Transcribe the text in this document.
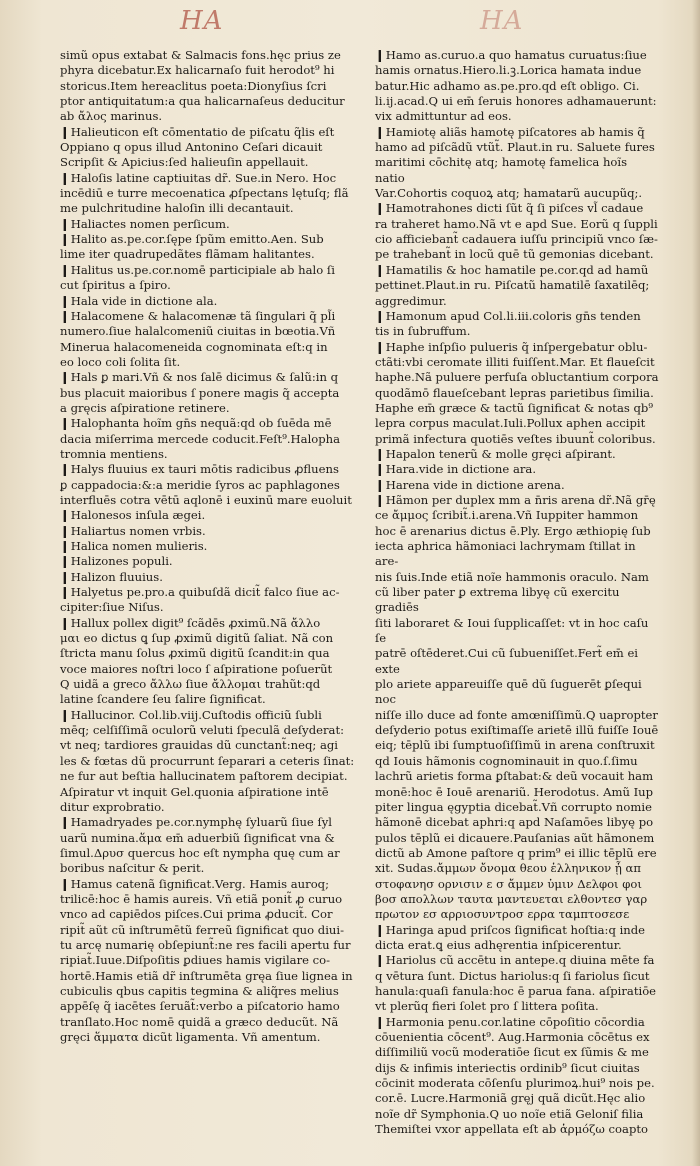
HA	HA

simũ opus extabat & Salmacis fons.hęc prius ze
phyra dicebatur.Ex halicarnaſo fuit herodot⁹ hi
storicus.Item hereaclitus poeta:Dionyſius ſcri
ptor antiquitatum:a qua halicarnaſeus deducitur
ab ἄλος marinus.

❙ Halieuticon eſt cōmentatio de piſcatu q̃lis eſt
Oppiano q opus illud Antonino Ceſari dicauit
Scripſit & Apicius:ſed halieuſin appellauit.

❙ Haloſis latine captiuitas dr̃. Sue.in Nero. Hoc
incēdiū e turre mecoenatica ꝓſpectans lętuſq; flã
me pulchritudine haloſin illi decantauit.

❙ Haliactes nomen perſicum.

❙ Halito as.pe.cor.ſępe ſpũm emitto.Aen. Sub
lime iter quadrupedãtes flãmam halitantes.

❙ Halitus us.pe.cor.nomē participiale ab halo ſi
cut ſpiritus a ſpiro.

❙ Hala vide in dictione ala.

❙ Halacomene & halacomenæ tã ſingulari q̃ pl̃i
numero.ſiue halalcomeniũ ciuitas in bœotia.Vñ
Minerua halacomeneida cognominata eſt:q in
eo loco coli ſolita ſit.

❙ Hals ꝑ mari.Vñ & nos ſalē dicimus & ſalũ:in q
bus placuit maioribus ſ ponere magis q̃ accepta
a gręcis aſpiratione retinere.

❙ Halophanta hoĩm gn̄s nequã:qd ob ſuēda mē
dacia miſerrima mercede coducit.Feſt⁹.Halopha
tromnia mentiens.

❙ Halys fluuius ex tauri mōtis radicibus ꝓfluens
ꝑ cappadocia:&:a meridie ſyros ac paphlagones
interfluēs cotra vētū aqlonē i euxinū mare euoluit

❙ Halonesos inſula ægei.

❙ Haliartus nomen vrbis.

❙ Halica nomen mulieris.

❙ Halizones populi.

❙ Halizon fluuius.

❙ Halyetus pe.pro.a quibuſdã dicit̃ falco ſiue ac-
cipiter:ſiue Niſus.

❙ Hallux pollex digit⁹ ſcãdēs ꝓximũ.Nã ἄλλο
μαι eo dictus ꝗ ſup ꝓximũ digitũ ſaliat. Nã con
ſtricta manu ſolus ꝓximũ digitũ ſcandit:in qua
voce maiores noſtri loco ſ aſpiratione poſuerũt
Q uidã a greco ἄλλω ſiue ἄλλομαι trahũt:qd
latine ſcandere ſeu ſalire ſignificat.

❙ Hallucinor. Col.lib.viij.Cuſtodis officiũ ſubli
mēq; celſiſſimã oculorũ veluti ſpeculã deſyderat:
vt neq; tardiores grauidas dũ cunctant̃:neq; agi
les & fœtas dũ procurrunt ſeparari a ceteris ſinat:
ne fur aut beſtia hallucinatem paſtorem decipiat.
Aſpiratur vt inquit Gel.quonia aſpiratione intē
ditur exprobratio.

❙ Hamadryades pe.cor.nymphę ſyluarũ ſiue ſyl
uarũ numina.ἅμα em̄ aduerbiũ ſignificat vna &
ſimul.Δρυσ quercus hoc eſt nympha quę cum ar
boribus naſcitur & perit.

❙ Hamus catenã ſignificat.Verg. Hamis auroq;
trilicē:hoc ē hamis aureis. Vñ etiã ponit̃ ꝓ curuo
vnco ad capiēdos piſces.Cui prima ꝓducit̃. Cor
ripit̃ aũt cũ inſtrumētũ ferreũ ſignificat quo diui-
tu arcę numarię obſepiunt̃:ne res facili apertu fur
ripiat̃.Iuue.Diſpoſitis ꝑdiues hamis vigilare co-
hortē.Hamis etiã dr̃ inſtrumēta gręa ſiue lignea in
cubiculis qbus capitis tegmina & aliq̃res melius
appēſę q̃ iacētes ſeruãt̃:verbo a piſcatorio hamo
tranſlato.Hoc nomē quidã a græco deducũt. Nã
gręci ἅμματα dicũt ligamenta. Vñ amentum.

❙ Hamo as.curuo.a quo hamatus curuatus:ſiue
hamis ornatus.Hiero.li.ꝫ.Lorica hamata indue
batur.Hic adhamo as.pe.pro.qd eſt obligo. Ci.
li.ij.acad.Q ui em̄ ſeruis honores adhamauerunt:
vix admittuntur ad eos.

❙ Hamiotę aliãs hamotę piſcatores ab hamis q̃
hamo ad piſcãdũ vtũt̃. Plaut.in ru. Saluete fures
maritimi cōchitę atq; hamotę famelica hoĩs natio
Var.Cohortis coquoꝝ atq; hamatarũ aucupũq;.

❙ Hamotrahones dicti ſũt q̃ ſi piſces vl̃ cadaue
ra traheret hamo.Nã vt e apd Sue. Eorũ q ſuppli
cio afficiebant̃ cadauera iuſſu principiũ vnco ſæ-
pe trahebant̃ in locũ quē tũ gemonias dicebant.

❙ Hamatilis & hoc hamatile pe.cor.qd ad hamũ
pettinet.Plaut.in ru. Piſcatũ hamatilē ſaxatilēq;
aggredimur.

❙ Hamonum apud Col.li.iii.coloris gn̄s tenden
tis in ſubruffum.

❙ Haphe inſpſio pulueris q̃ inſpergebatur oblu-
ctãti:vbi ceromate illiti fuiſſent.Mar. Et flaueſcit
haphe.Nã puluere perfuſa obluctantium corpora
quodãmō flaueſcebant lepras parietibus ſimilia.
Haphe em̄ græce & tactũ ſignificat & notas qb⁹
lepra corpus maculat.Iuli.Pollux aphen accipit
primã infectura quotiēs veſtes ibuunt̃ coloribus.

❙ Hapalon tenerũ & molle gręci aſpirant.

❙ Hara.vide in dictione ara.

❙ Harena vide in dictione arena.

❙ Hãmon per duplex mm a n̄ris arena dr̃.Nã gr̄ę
ce ἄμμος ſcribit̃.i.arena.Vñ Iuppiter hammon
hoc ē arenarius dictus ē.Ply. Ergo æthiopię ſub
iecta aphrica hãmoniaci lachrymam ſtillat in are-
nis ſuis.Inde etiã noĩe hammonis oraculo. Nam
cũ liber pater ꝑ extrema libyę cũ exercitu gradiēs
ſiti laboraret & Ioui ſupplicaſſet: vt in hoc caſu ſe
patrē oſtēderet.Cui cũ ſubueniſſet.Fert̃ em̄ ei exte
plo ariete appareuiſſe quē dũ ſuguerēt ꝑſequi noc
niſſe illo duce ad fonte amœniſſimũ.Q uapropter
deſyderio potus exiſtimaſſe arietē illũ fuiſſe Iouē
eiq; tēplũ ibi ſumptuoſiſſimũ in arena conſtruxit
qd Iouis hãmonis cognominauit in quo.ſ.ſimu
lachrũ arietis forma ꝑſtabat:& deũ vocauit ham
monē:hoc ē Iouē arenariũ. Herodotus. Amũ Iup
piter lingua ęgyptia dicebat̃.Vñ corrupto nomie
hãmonē dicebat aphri:q apd Naſamōes libyę po
pulos tēplũ ei dicauere.Pauſanias aũt hãmonem
dictũ ab Amone paſtore q prim⁹ ei illic tēplũ ere
xit. Sudas.ἄμμων ὄνομα θεου ἑλληνικον ᾗ απ
στοφανησ ορνισιν ε σ ἄμμεν ὑμιν Δελφοι φοι
βοσ απολλων ταυτα μαντευεται ελθοντεσ γαρ
πρωτον εσ αρριοσυντροσ ερρα ταμπτοσεσε

❙ Haringa apud priſcos ſignificat hoſtia:q inde
dicta erat.ꝗ eius adhęrentia inſpicerentur.

❙ Hariolus cũ accētu in antepe.q diuina mēte fa
q vētura ſunt. Dictus hariolus:q ſi fariolus ſicut
hanula:quaſi fanula:hoc ē parua fana. aſpiratiōe
vt plerũq fieri ſolet pro ſ littera poſita.

❙ Harmonia penu.cor.latine cōpoſitio cōcordia
cōuenientia cōcent⁹. Aug.Harmonia cōcētus ex
diſſimiliũ vocũ moderatiōe ſicut ex ſũmis & me
dijs & infimis interiectis ordinib⁹ ſicut ciuitas
cōcinit moderata cōſenſu plurimoꝝ.hui⁹ nois pe.
cor.ē. Lucre.Harmoniã gręj quã dicũt.Hęc alio
noĩe dr̃ Symphonia.Q uo noĩe etiã Geloniſ filia
Themiſtei vxor appellata eſt ab ἁρμόζω coapto
